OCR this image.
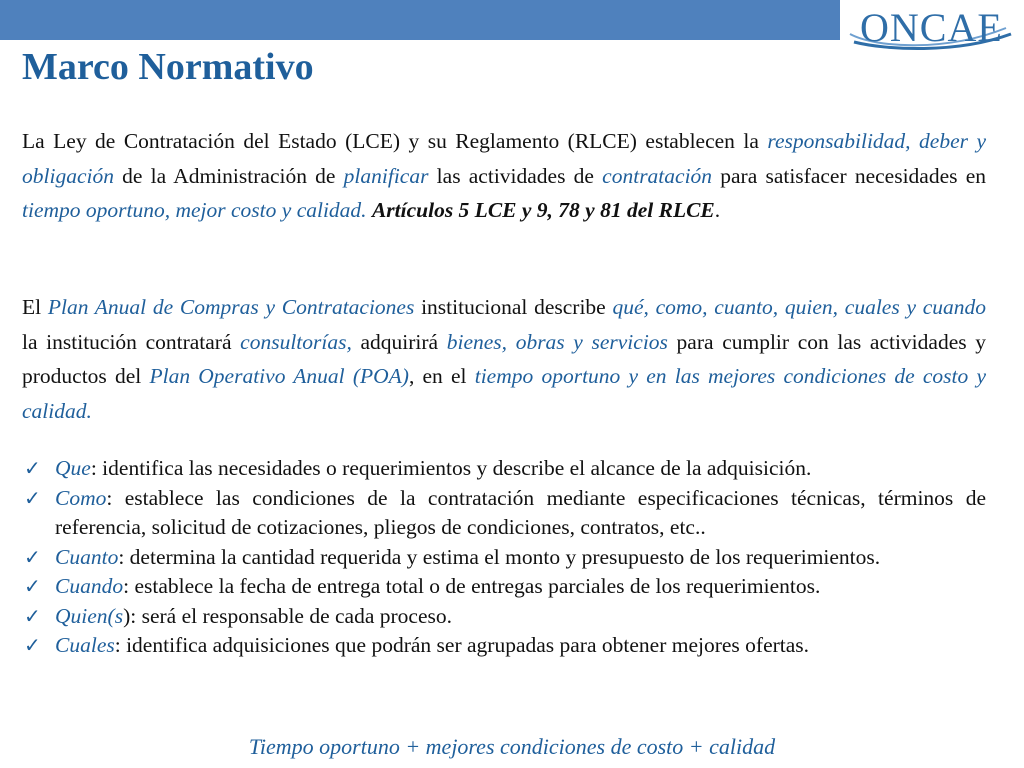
ONCAE
Marco Normativo

La Ley de Contratación del Estado (LCE) y su Reglamento (RLCE) establecen la responsabilidad, deber y obligación de la Administración de planificar las actividades de contratación para satisfacer necesidades en tiempo oportuno, mejor costo y calidad. Artículos 5 LCE y 9, 78 y 81 del RLCE.

El Plan Anual de Compras y Contrataciones institucional describe qué, como, cuanto, quien, cuales y cuando la institución contratará consultorías, adquirirá bienes, obras y servicios para cumplir con las actividades y productos del Plan Operativo Anual (POA), en el tiempo oportuno y en las mejores condiciones de costo y calidad.

✓ Que: identifica las necesidades o requerimientos y describe el alcance de la adquisición.
✓ Como: establece las condiciones de la contratación mediante especificaciones técnicas, términos de referencia, solicitud de cotizaciones, pliegos de condiciones, contratos, etc..
✓ Cuanto: determina la cantidad requerida y estima el monto y presupuesto de los requerimientos.
✓ Cuando: establece la fecha de entrega total o de entregas parciales de los requerimientos.
✓ Quien(s): será el responsable de cada proceso.
✓ Cuales: identifica adquisiciones que podrán ser agrupadas para obtener mejores ofertas.
Tiempo oportuno + mejores condiciones de costo + calidad
